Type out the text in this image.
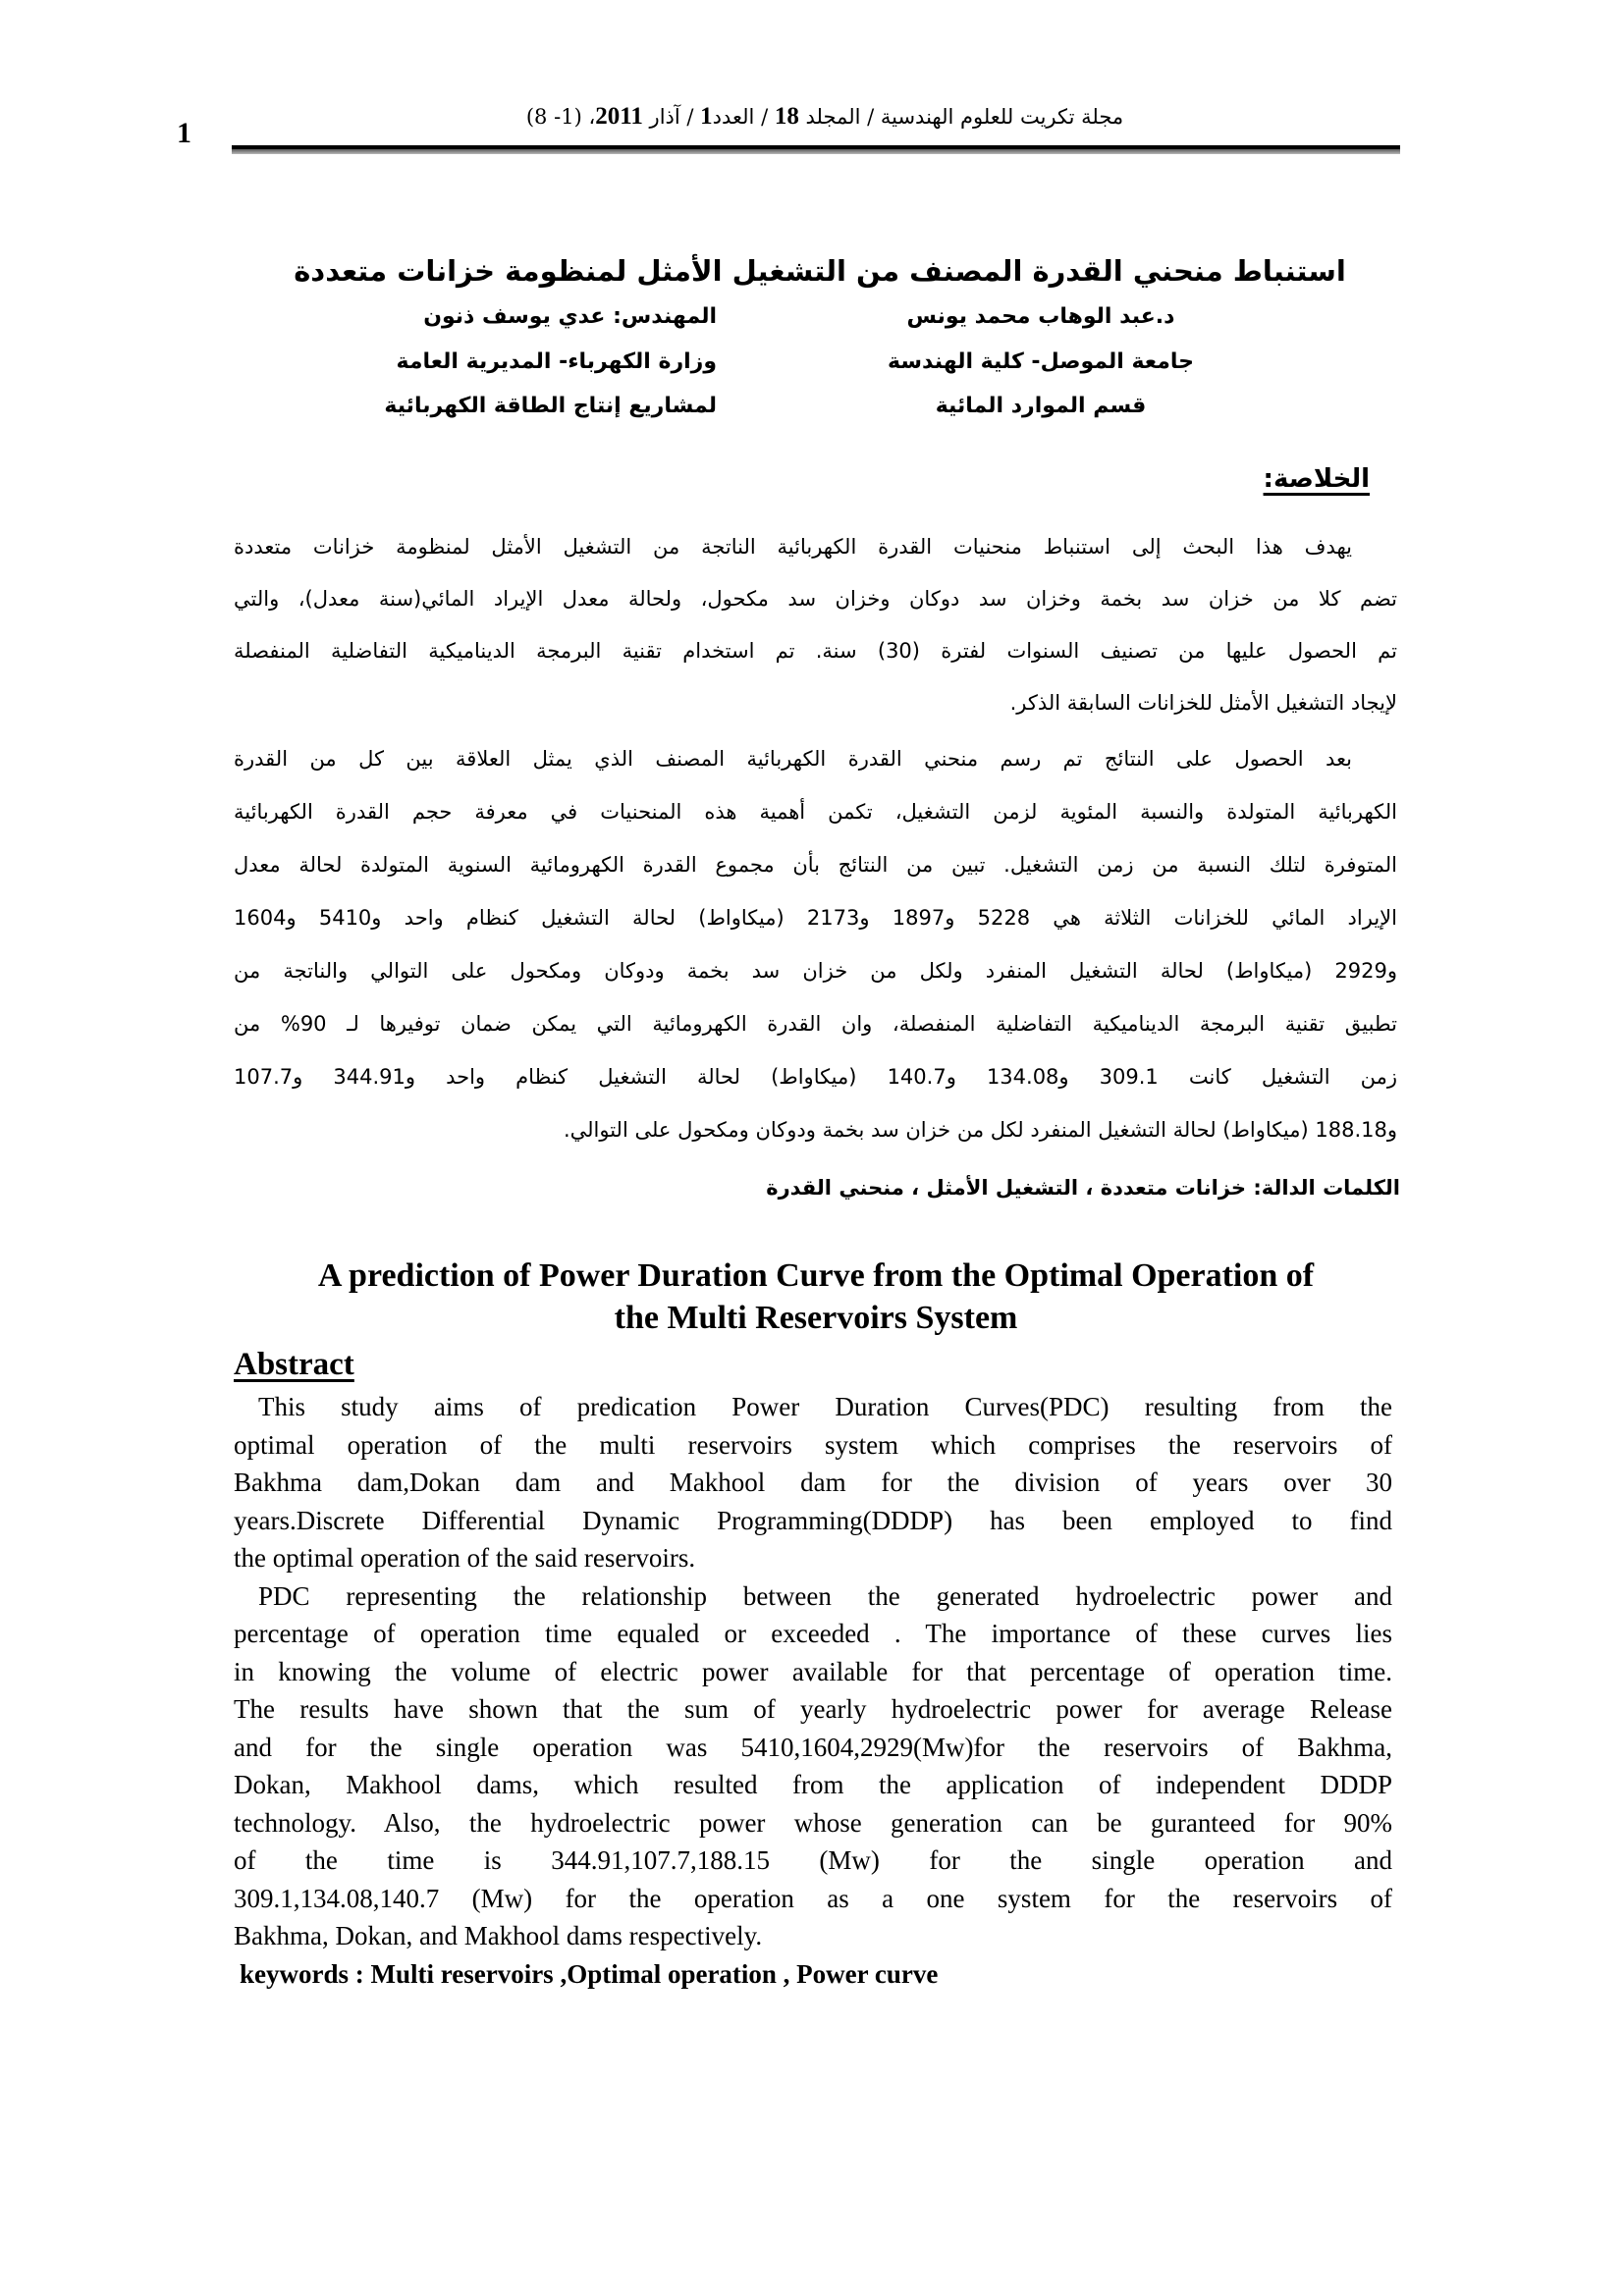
1	مجلة تكريت للعلوم الهندسية / المجلد 18 / العدد1 / آذار 2011، (1- 8)
استنباط منحني القدرة المصنف من التشغيل الأمثل لمنظومة خزانات متعددة
د.عبد الوهاب محمد يونس
جامعة الموصل- كلية الهندسة
قسم الموارد المائية
المهندس: عدي يوسف ذنون
وزارة الكهرباء- المديرية العامة
لمشاريع إنتاج الطاقة الكهربائية
الخلاصة:
يهدف هذا البحث إلى استنباط منحنيات القدرة الكهربائية الناتجة من التشغيل الأمثل لمنظومة خزانات متعددة
تضم كلا من خزان سد بخمة وخزان سد دوكان وخزان سد مكحول، ولحالة معدل الإيراد المائي(سنة معدل)، والتي
تم الحصول عليها من تصنيف السنوات لفترة (30) سنة. تم استخدام تقنية البرمجة الديناميكية التفاضلية المنفصلة
لإيجاد التشغيل الأمثل للخزانات السابقة الذكر.
بعد الحصول على النتائج تم رسم منحني القدرة الكهربائية المصنف الذي يمثل العلاقة بين كل من القدرة
الكهربائية المتولدة والنسبة المئوية لزمن التشغيل، تكمن أهمية هذه المنحنيات في معرفة حجم القدرة الكهربائية
المتوفرة لتلك النسبة من زمن التشغيل. تبين من النتائج بأن مجموع القدرة الكهرومائية السنوية المتولدة لحالة معدل
الإيراد المائي للخزانات الثلاثة هي 5228 و1897 و2173 (ميكاواط) لحالة التشغيل كنظام واحد و5410 و1604
و2929 (ميكاواط) لحالة التشغيل المنفرد ولكل من خزان سد بخمة ودوكان ومكحول على التوالي والناتجة من
تطبيق تقنية البرمجة الديناميكية التفاضلية المنفصلة، وان القدرة الكهرومائية التي يمكن ضمان توفيرها لـ 90% من
زمن التشغيل كانت 309.1 و134.08 و140.7 (ميكاواط) لحالة التشغيل كنظام واحد و344.91 و107.7
و188.18 (ميكاواط) لحالة التشغيل المنفرد لكل من خزان سد بخمة ودوكان ومكحول على التوالي.
الكلمات الدالة: خزانات متعددة ، التشغيل الأمثل ، منحني القدرة
A prediction of Power Duration Curve from the Optimal Operation of
the Multi Reservoirs System
Abstract
This study aims of predication Power Duration Curves(PDC) resulting from the
optimal operation of the multi reservoirs system which comprises the reservoirs of
Bakhma dam,Dokan dam and Makhool dam for the division of years over 30
years.Discrete Differential Dynamic Programming(DDDP) has been employed to find
the optimal operation of the said reservoirs.
PDC representing the relationship between the generated hydroelectric power and
percentage of operation time equaled or exceeded . The importance of these curves lies
in knowing the volume of electric power available for that percentage of operation time.
The results have shown that the sum of yearly hydroelectric power for average Release
and for the single operation was 5410,1604,2929(Mw)for the reservoirs of Bakhma,
Dokan, Makhool dams, which resulted from the application of independent DDDP
technology. Also, the hydroelectric power whose generation can be guranteed for 90%
of the time is 344.91,107.7,188.15 (Mw) for the single operation and
309.1,134.08,140.7 (Mw) for the operation as a one system for the reservoirs of
Bakhma, Dokan, and Makhool dams respectively.
keywords : Multi reservoirs ,Optimal operation , Power curve
